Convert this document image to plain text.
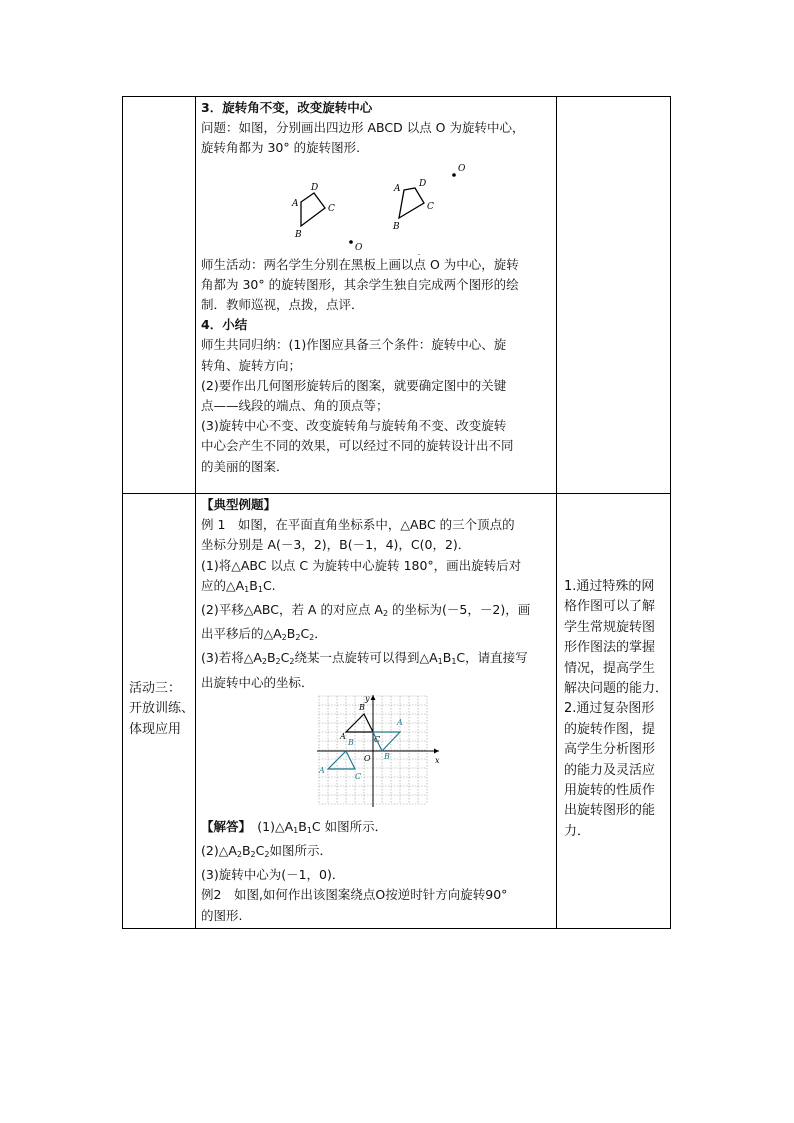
3．旋转角不变，改变旋转中心

问题：如图，分别画出四边形 ABCD 以点 O 为旋转中心，

旋转角都为 30° 的旋转图形.

A
D
C
B
O
A D
C
B
O

师生活动：两名学生分别在黑板上画以点 O 为中心，旋转

角都为 30° 的旋转图形，其余学生独自完成两个图形的绘

制．教师巡视，点拨，点评．

4．小结

师生共同归纳：(1)作图应具备三个条件：旋转中心、旋

转角、旋转方向；

(2)要作出几何图形旋转后的图案，就要确定图中的关键

点——线段的端点、角的顶点等；

(3)旋转中心不变、改变旋转角与旋转角不变、改变旋转

中心会产生不同的效果，可以经过不同的旋转设计出不同

的美丽的图案．

活动三：

开放训练、

体现应用

【典型例题】

例 1　如图，在平面直角坐标系中，△ABC 的三个顶点的

坐标分别是 A(－3，2)，B(－1，4)，C(0，2)．

(1)将△ABC 以点 C 为旋转中心旋转 180°，画出旋转后对

应的$\triangle A_1B_1C$.

(2)平移△ABC，若 A 的对应点 $A_2$ 的坐标为(－5，－2)，画

出平移后的$\triangle A_2B_2C_2$．

(3)若将$\triangle A_2B_2C_2$绕某一点旋转可以得到$\triangle A_1B_1C$，请直接写

出旋转中心的坐标．

x
y
O
B
C
A
A
B
B
A
C

【解答】　$(1)\triangle A_1B_1C$ 如图所示．

$(2)\triangle A_2B_2C_2$如图所示．

(3)旋转中心为(－1，0)．

例2　如图,如何作出该图案绕点O按逆时针方向旋转90°

的图形.

1.通过特殊的网

格作图可以了解

学生常规旋转图

形作图法的掌握

情况，提高学生

解决问题的能力．

2.通过复杂图形

的旋转作图，提

高学生分析图形

的能力及灵活应

用旋转的性质作

出旋转图形的能

力．
